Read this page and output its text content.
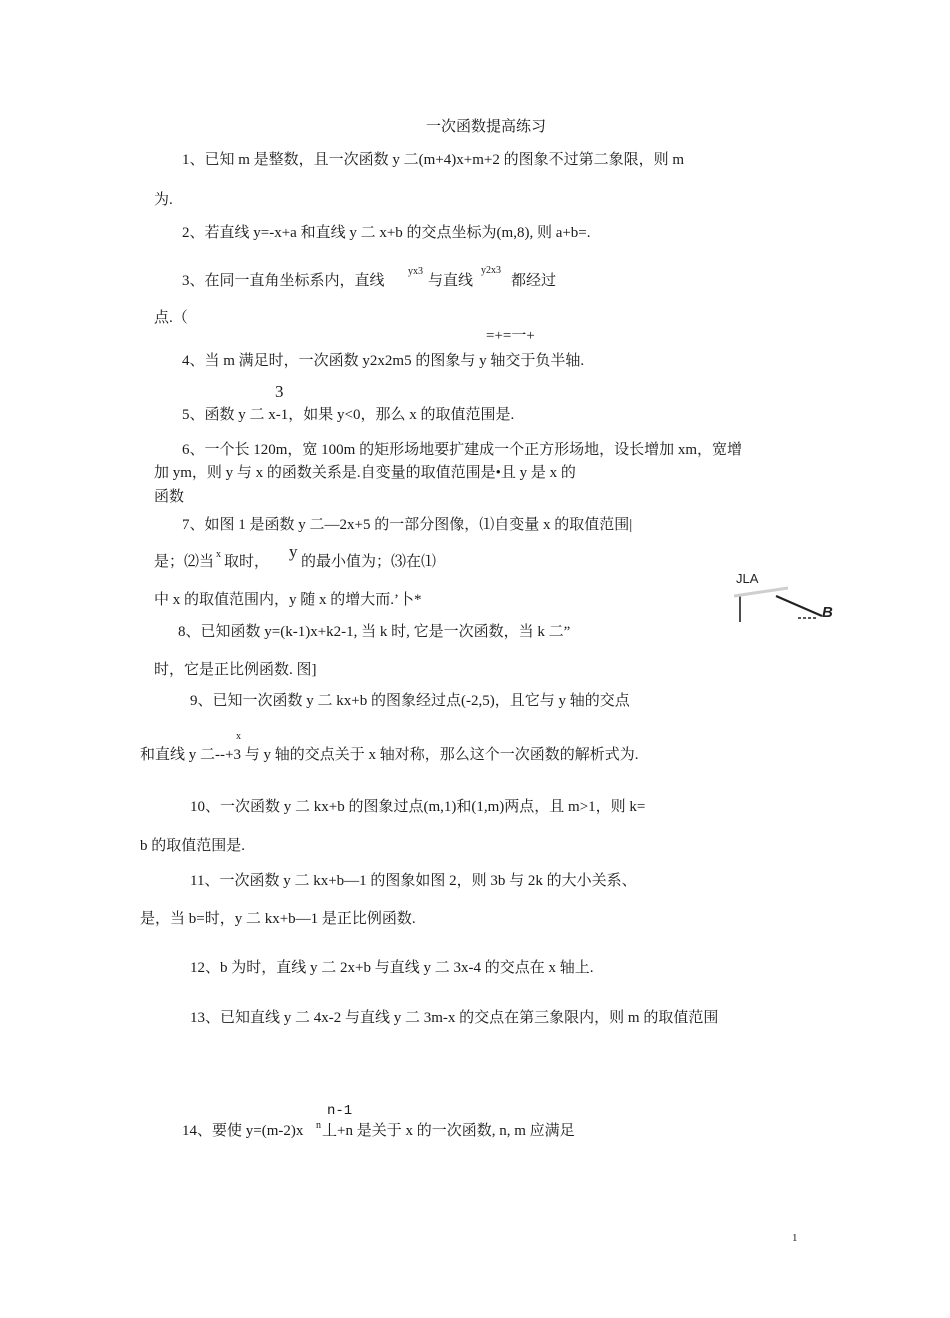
一次函数提高练习
1、已知 m 是整数，且一次函数 y 二(m+4)x+m+2 的图象不过第二象限，则 m
为.
2、若直线 y=-x+a 和直线 y 二 x+b 的交点坐标为(m,8), 则 a+b=.
3、在同一直角坐标系内，直线
yx3
与直线
y2x3
都经过
点.（
=+=一+
4、当 m 满足时，一次函数 y2x2m5 的图象与 y 轴交于负半轴.
3
5、函数 y 二 x-1，如果 y<0，那么 x 的取值范围是.
6、一个长 120m，宽 100m 的矩形场地要扩建成一个正方形场地，设长增加 xm，宽增
加 ym，则 y 与 x 的函数关系是.自变量的取值范围是•且 y 是 x 的
函数
7、如图 1 是函数 y 二—2x+5 的一部分图像，⑴自变量 x 的取值范围|
是；⑵当 x 取时，
y
的最小值为；⑶在⑴
中 x 的取值范围内，y 随 x 的增大而.’卜*
JLA
B
8、已知函数 y=(k-1)x+k2-1, 当 k 时, 它是一次函数，当 k 二”
时，它是正比例函数. 图]
9、已知一次函数 y 二 kx+b 的图象经过点(-2,5)，且它与 y 轴的交点
x
和直线 y 二--+3 与 y 轴的交点关于 x 轴对称，那么这个一次函数的解析式为.
10、一次函数 y 二 kx+b 的图象过点(m,1)和(1,m)两点，且 m>1，则 k=
b 的取值范围是.
11、一次函数 y 二 kx+b—1 的图象如图 2，则 3b 与 2k 的大小关系、
是，当 b=时，y 二 kx+b—1 是正比例函数.
12、b 为时，直线 y 二 2x+b 与直线 y 二 3x-4 的交点在 x 轴上.
13、已知直线 y 二 4x-2 与直线 y 二 3m-x 的交点在第三象限内，则 m 的取值范围
n-1
14、要使 y=(m-2)x n 丄+n 是关于 x 的一次函数, n, m 应满足
1
